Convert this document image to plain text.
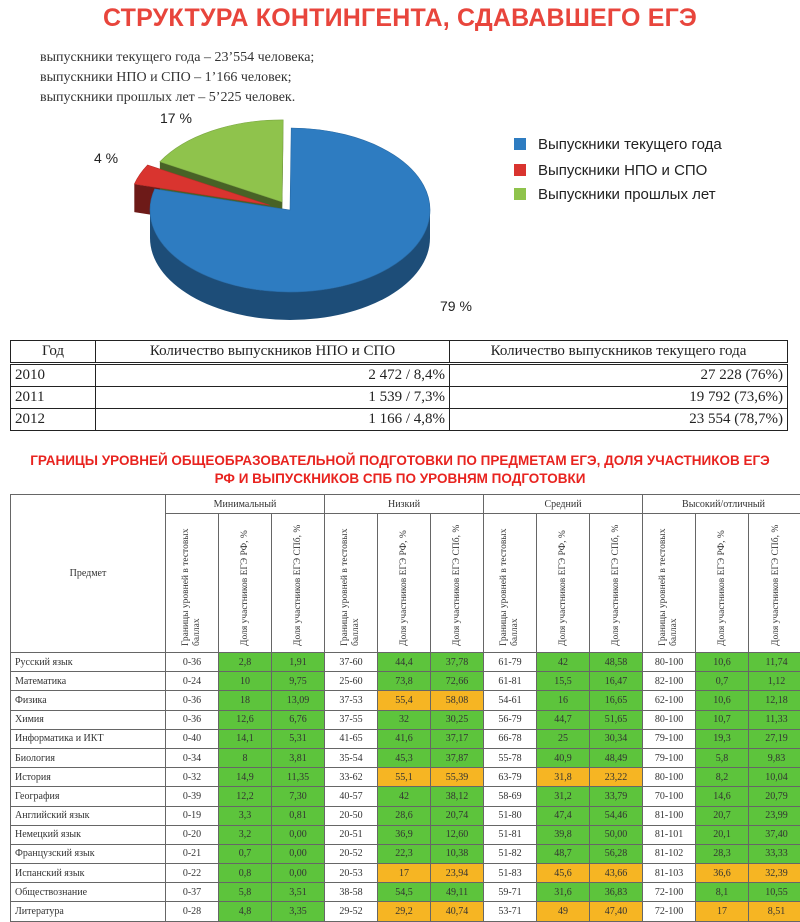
СТРУКТУРА КОНТИНГЕНТА, СДАВАВШЕГО ЕГЭ
выпускники текущего года – 23’554 человека;
выпускники НПО и СПО – 1’166 человек;
выпускники прошлых лет – 5’225 человек.
79 %
4 %
17 %
Выпускники текущего года
Выпускники НПО и СПО
Выпускники прошлых лет
Год	Количество выпускников НПО и СПО	Количество выпускников текущего года
2010	2 472 / 8,4%	27 228 (76%)
2011	1 539 / 7,3%	19 792 (73,6%)
2012	1 166 / 4,8%	23 554 (78,7%)
ГРАНИЦЫ УРОВНЕЙ ОБЩЕОБРАЗОВАТЕЛЬНОЙ ПОДГОТОВКИ ПО ПРЕДМЕТАМ ЕГЭ, ДОЛЯ УЧАСТНИКОВ ЕГЭ РФ И ВЫПУСКНИКОВ СПБ ПО УРОВНЯМ ПОДГОТОВКИ
Предмет	Минимальный			Низкий			Средний			Высокий/отличный		

	Границы уровней в тестовых баллах	Доля участников ЕГЭ РФ, %	Доля участников ЕГЭ СПб, %	Границы уровней в тестовых баллах	Доля участников ЕГЭ РФ, %	Доля участников ЕГЭ СПб, %	Границы уровней в тестовых баллах	Доля участников ЕГЭ РФ, %	Доля участников ЕГЭ СПб, %	Границы уровней в тестовых баллах	Доля участников ЕГЭ РФ, %	Доля участников ЕГЭ СПб, %

Русский язык	0-36	2,8	1,91	37-60	44,4	37,78	61-79	42	48,58	80-100	10,6	11,74
Математика	0-24	10	9,75	25-60	73,8	72,66	61-81	15,5	16,47	82-100	0,7	1,12
Физика	0-36	18	13,09	37-53	55,4	58,08	54-61	16	16,65	62-100	10,6	12,18
Химия	0-36	12,6	6,76	37-55	32	30,25	56-79	44,7	51,65	80-100	10,7	11,33
Информатика и ИКТ	0-40	14,1	5,31	41-65	41,6	37,17	66-78	25	30,34	79-100	19,3	27,19
Биология	0-34	8	3,81	35-54	45,3	37,87	55-78	40,9	48,49	79-100	5,8	9,83
История	0-32	14,9	11,35	33-62	55,1	55,39	63-79	31,8	23,22	80-100	8,2	10,04
География	0-39	12,2	7,30	40-57	42	38,12	58-69	31,2	33,79	70-100	14,6	20,79
Английский язык	0-19	3,3	0,81	20-50	28,6	20,74	51-80	47,4	54,46	81-100	20,7	23,99
Немецкий язык	0-20	3,2	0,00	20-51	36,9	12,60	51-81	39,8	50,00	81-101	20,1	37,40
Французский язык	0-21	0,7	0,00	20-52	22,3	10,38	51-82	48,7	56,28	81-102	28,3	33,33
Испанский язык	0-22	0,8	0,00	20-53	17	23,94	51-83	45,6	43,66	81-103	36,6	32,39
Обществознание	0-37	5,8	3,51	38-58	54,5	49,11	59-71	31,6	36,83	72-100	8,1	10,55
Литература	0-28	4,8	3,35	29-52	29,2	40,74	53-71	49	47,40	72-100	17	8,51
